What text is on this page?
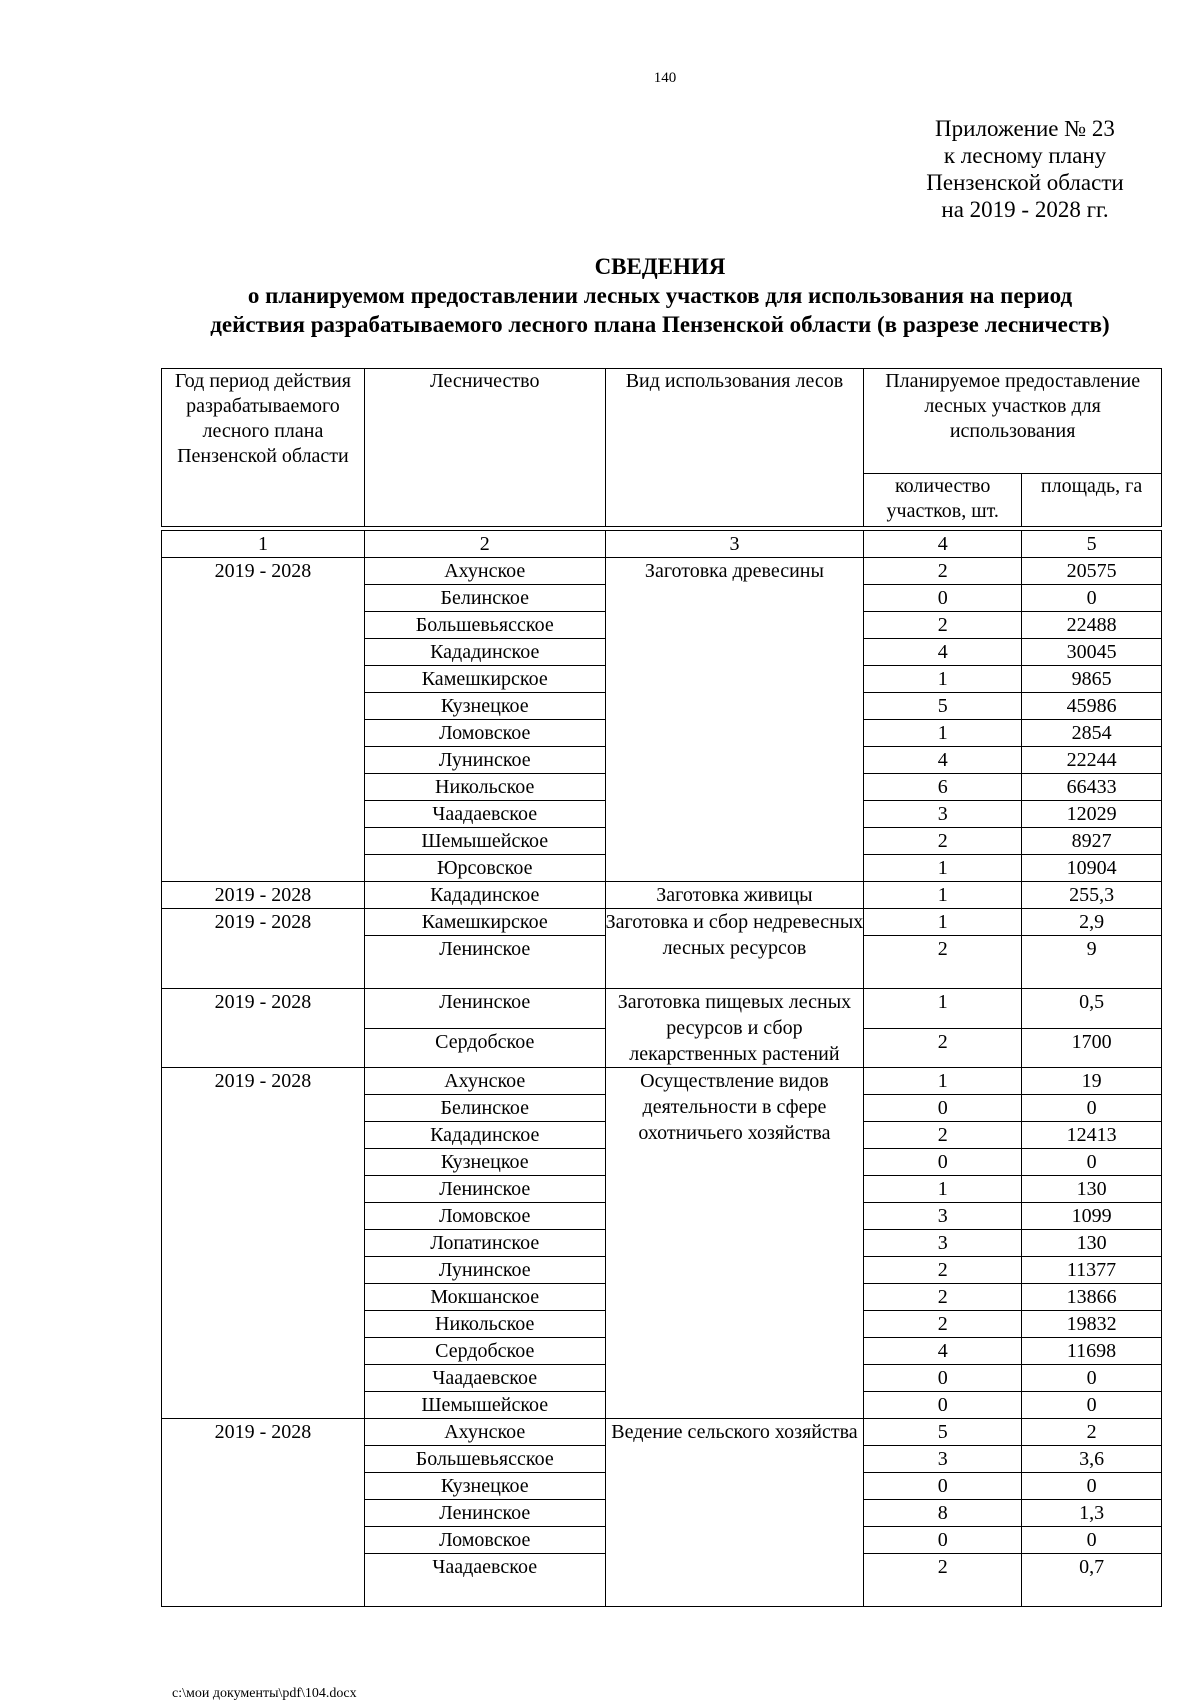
140
Приложение № 23
к лесному плану
Пензенской области
на 2019 - 2028 гг.
СВЕДЕНИЯ
о планируемом предоставлении лесных участков для использования на период
действия разрабатываемого лесного плана Пензенской области (в разрезе лесничеств)
Год период действия разрабатываемого лесного плана Пензенской области	Лесничество	Вид использования лесов	Планируемое предоставление лесных участков для использования	
			количество участков, шт.	площадь, га

1	2	3	4	5
2019 - 2028	Ахунское	Заготовка древесины	2	20575
	Белинское		0	0
	Большевьясское		2	22488
	Кададинское		4	30045
	Камешкирское		1	9865
	Кузнецкое		5	45986
	Ломовское		1	2854
	Лунинское		4	22244
	Никольское		6	66433
	Чаадаевское		3	12029
	Шемышейское		2	8927
	Юрсовское		1	10904
2019 - 2028	Кададинское	Заготовка живицы	1	255,3
2019 - 2028	Камешкирское	Заготовка и сбор недревесных лесных ресурсов	1	2,9
	Ленинское		2	9
2019 - 2028	Ленинское	Заготовка пищевых лесных ресурсов и сбор лекарственных растений	1	0,5
	Сердобское		2	1700
2019 - 2028	Ахунское	Осуществление видов деятельности в сфере охотничьего хозяйства	1	19
	Белинское		0	0
	Кададинское		2	12413
	Кузнецкое		0	0
	Ленинское		1	130
	Ломовское		3	1099
	Лопатинское		3	130
	Лунинское		2	11377
	Мокшанское		2	13866
	Никольское		2	19832
	Сердобское		4	11698
	Чаадаевское		0	0
	Шемышейское		0	0
2019 - 2028	Ахунское	Ведение сельского хозяйства	5	2
	Большевьясское		3	3,6
	Кузнецкое		0	0
	Ленинское		8	1,3
	Ломовское		0	0
	Чаадаевское		2	0,7
c:\мои документы\pdf\104.docx
